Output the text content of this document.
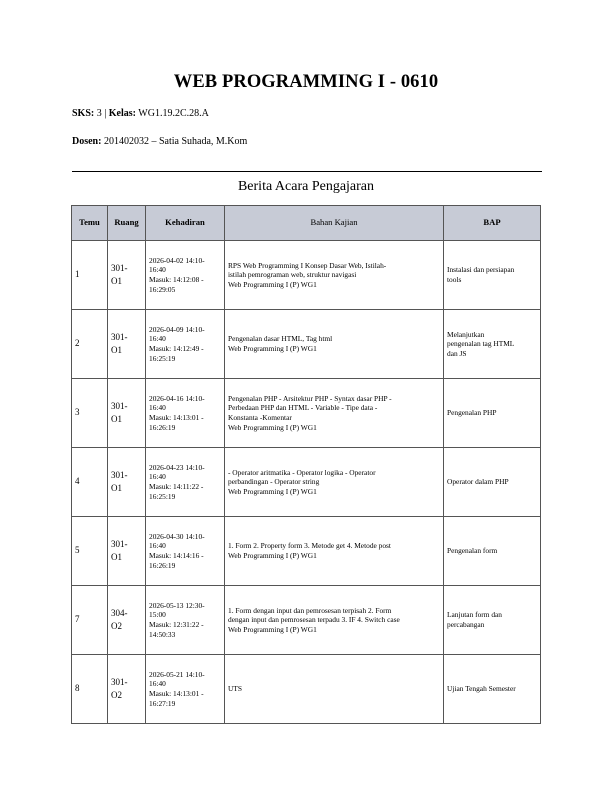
WEB PROGRAMMING I - 0610
SKS: 3 | Kelas: WG1.19.2C.28.A
Dosen: 201402032 – Satia Suhada, M.Kom
Berita Acara Pengajaran
Temu	Ruang	Kehadiran	Bahan Kajian	BAP
1	301-
O1	2026-04-02 14:10-
16:40
Masuk: 14:12:08 -
16:29:05	RPS Web Programming I Konsep Dasar Web, Istilah-
istilah pemrograman web, struktur navigasi
Web Programming I (P) WG1	Instalasi dan persiapan
tools

2	301-
O1	2026-04-09 14:10-
16:40
Masuk: 14:12:49 -
16:25:19	Pengenalan dasar HTML, Tag html
Web Programming I (P) WG1	Melanjutkan
pengenalan tag HTML
dan JS

3	301-
O1	2026-04-16 14:10-
16:40
Masuk: 14:13:01 -
16:26:19	Pengenalan PHP - Arsitektur PHP - Syntax dasar PHP -
Perbedaan PHP dan HTML - Variable - Tipe data -
Konstanta -Komentar
Web Programming I (P) WG1	Pengenalan PHP

4	301-
O1	2026-04-23 14:10-
16:40
Masuk: 14:11:22 -
16:25:19	- Operator aritmatika - Operator logika - Operator
perbandingan - Operator string
Web Programming I (P) WG1	Operator dalam PHP

5	301-
O1	2026-04-30 14:10-
16:40
Masuk: 14:14:16 -
16:26:19	1. Form 2. Property form 3. Metode get 4. Metode post
Web Programming I (P) WG1	Pengenalan form

7	304-
O2	2026-05-13 12:30-
15:00
Masuk: 12:31:22 -
14:50:33	1. Form dengan input dan pemrosesan terpisah 2. Form
dengan input dan pemrosesan terpadu 3. IF 4. Switch case
Web Programming I (P) WG1	Lanjutan form dan
percabangan

8	301-
O2	2026-05-21 14:10-
16:40
Masuk: 14:13:01 -
16:27:19	UTS	Ujian Tengah Semester
